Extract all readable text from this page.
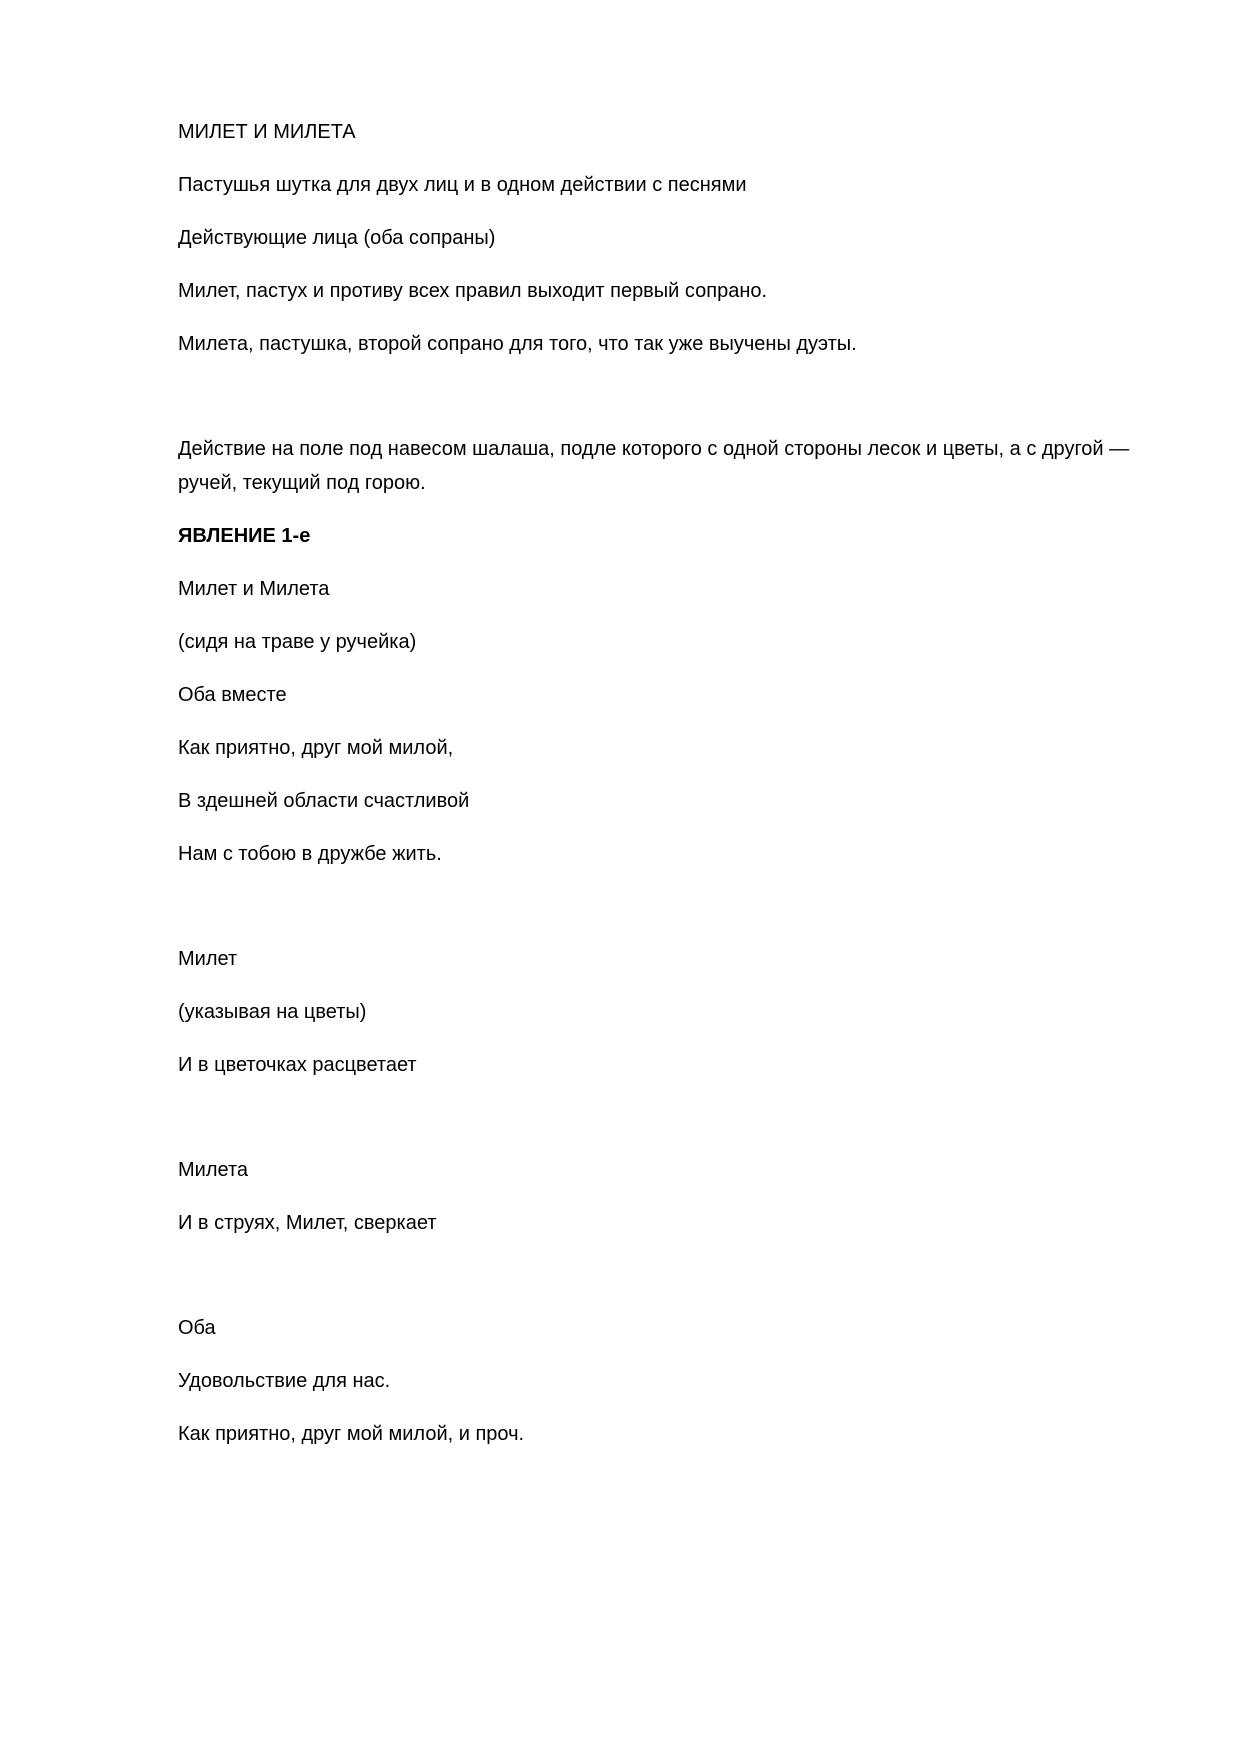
МИЛЕТ И МИЛЕТА

Пастушья шутка для двух лиц и в одном действии с песнями

Действующие лица (оба сопраны)

Милет, пастух и противу всех правил выходит первый сопрано.

Милета, пастушка, второй сопрано для того, что так уже выучены дуэты.

Действие на поле под навесом шалаша, подле которого с одной стороны лесок и цветы, а с другой — ручей, текущий под горою.

ЯВЛЕНИЕ 1-е

Милет и Милета

(сидя на траве у ручейка)

Оба вместе

Как приятно, друг мой милой,

В здешней области счастливой

Нам с тобою в дружбе жить.

Милет

(указывая на цветы)

И в цветочках расцветает

Милета

И в струях, Милет, сверкает

Оба

Удовольствие для нас.

Как приятно, друг мой милой, и проч.
